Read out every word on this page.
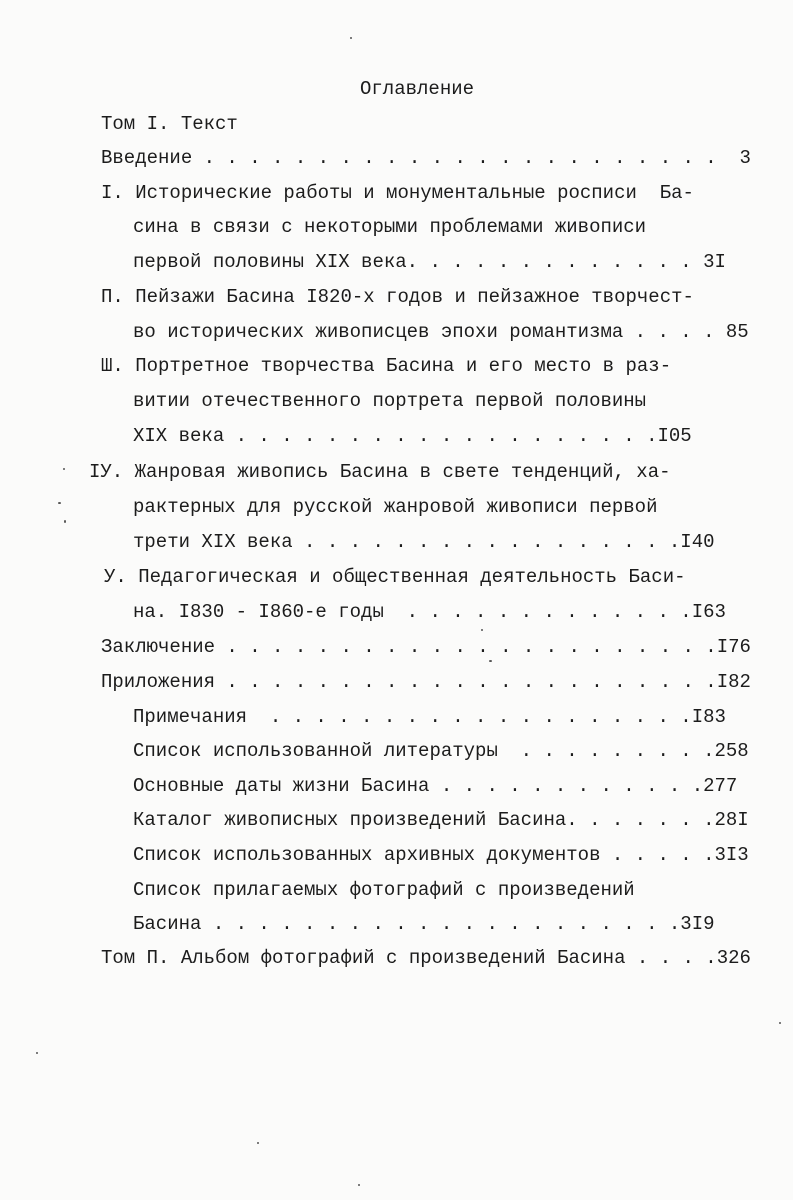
Оглавление
Том I. Текст
Введение . . . . . . . . . . . . . . . . . . . . . . .  3
I. Исторические работы и монументальные росписи  Ба-
сина в связи с некоторыми проблемами живописи
первой половины XIX века. . . . . . . . . . . . . 3I
П. Пейзажи Басина I820-х годов и пейзажное творчест-
во исторических живописцев эпохи романтизма . . . . 85
Ш. Портретное творчества Басина и его место в раз-
витии отечественного портрета первой половины
XIX века . . . . . . . . . . . . . . . . . . .I05
IУ. Жанровая живопись Басина в свете тенденций, ха-
рактерных для русской жанровой живописи первой
трети XIX века . . . . . . . . . . . . . . . . .I40
У. Педагогическая и общественная деятельность Баси-
на. I830 - I860-е годы  . . . . . . . . . . . . .I63
Заключение . . . . . . . . . . . . . . . . . . . . . .I76
Приложения . . . . . . . . . . . . . . . . . . . . . .I82
Примечания  . . . . . . . . . . . . . . . . . . .I83
Список использованной литературы  . . . . . . . . .258
Основные даты жизни Басина . . . . . . . . . . . .277
Каталог живописных произведений Басина. . . . . . .28I
Список использованных архивных документов . . . . .3I3
Список прилагаемых фотографий с произведений
Басина . . . . . . . . . . . . . . . . . . . . .3I9
Том П. Альбом фотографий с произведений Басина . . . .326
